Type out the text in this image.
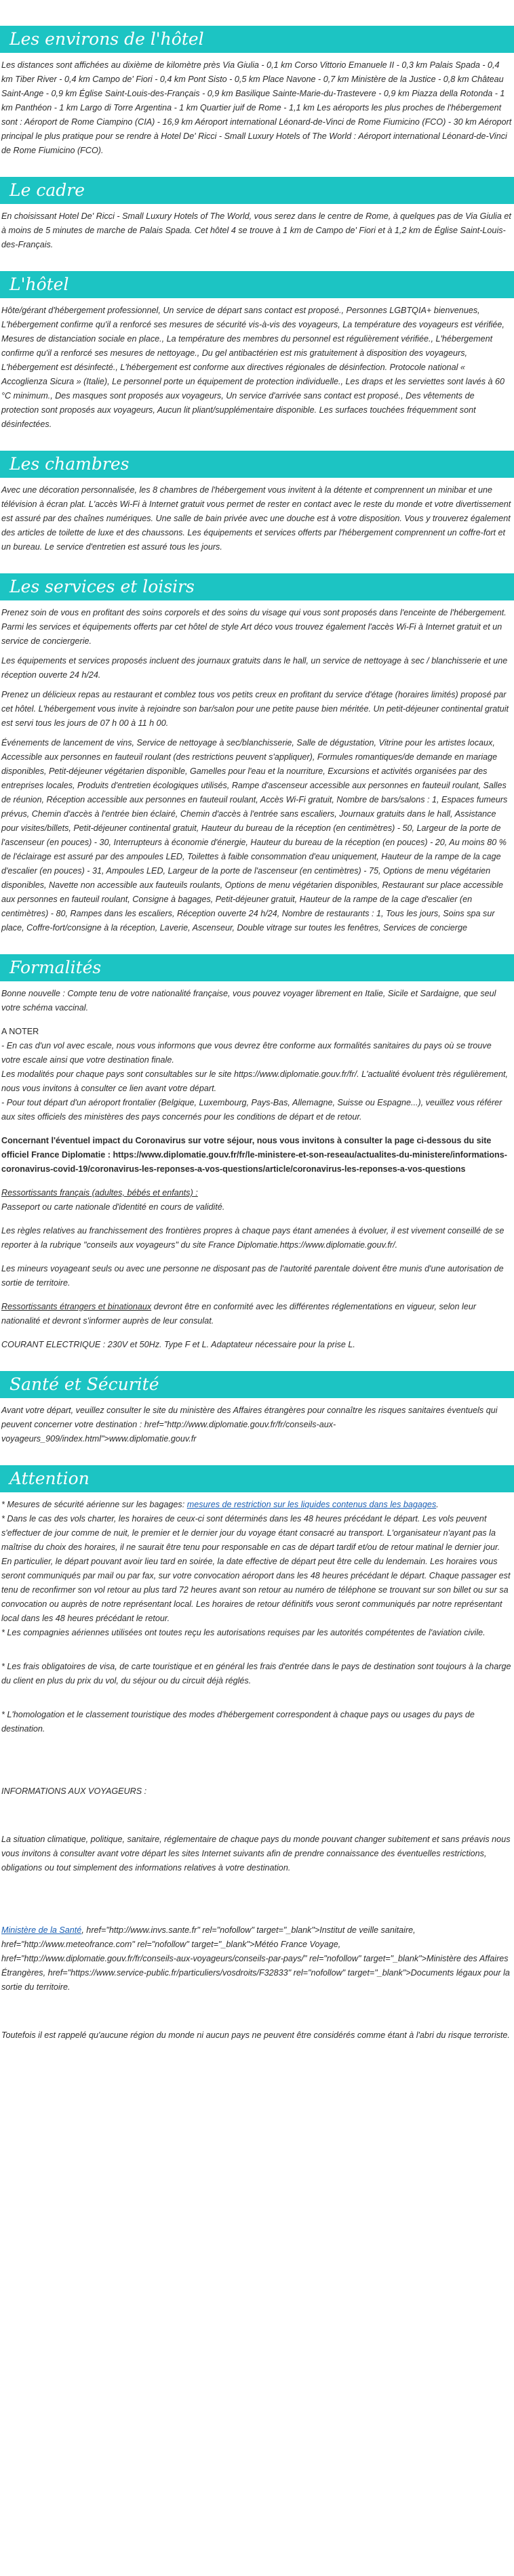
Les environs de l'hôtel
Les distances sont affichées au dixième de kilomètre près Via Giulia - 0,1 km Corso Vittorio Emanuele II - 0,3 km Palais Spada - 0,4 km Tiber River - 0,4 km Campo de' Fiori - 0,4 km Pont Sisto - 0,5 km Place Navone - 0,7 km Ministère de la Justice - 0,8 km Château Saint-Ange - 0,9 km Église Saint-Louis-des-Français - 0,9 km Basilique Sainte-Marie-du-Trastevere - 0,9 km Piazza della Rotonda - 1 km Panthéon - 1 km Largo di Torre Argentina - 1 km Quartier juif de Rome - 1,1 km Les aéroports les plus proches de l'hébergement sont : Aéroport de Rome Ciampino (CIA) - 16,9 km Aéroport international Léonard-de-Vinci de Rome Fiumicino (FCO) - 30 km Aéroport principal le plus pratique pour se rendre à Hotel De' Ricci - Small Luxury Hotels of The World : Aéroport international Léonard-de-Vinci de Rome Fiumicino (FCO).
Le cadre
En choisissant Hotel De' Ricci - Small Luxury Hotels of The World, vous serez dans le centre de Rome, à quelques pas de Via Giulia et à moins de 5 minutes de marche de Palais Spada. Cet hôtel 4 se trouve à 1 km de Campo de' Fiori et à 1,2 km de Église Saint-Louis-des-Français.
L'hôtel
Hôte/gérant d'hébergement professionnel, Un service de départ sans contact est proposé., Personnes LGBTQIA+ bienvenues, L'hébergement confirme qu'il a renforcé ses mesures de sécurité vis-à-vis des voyageurs, La température des voyageurs est vérifiée, Mesures de distanciation sociale en place., La température des membres du personnel est régulièrement vérifiée., L'hébergement confirme qu'il a renforcé ses mesures de nettoyage., Du gel antibactérien est mis gratuitement à disposition des voyageurs, L'hébergement est désinfecté., L'hébergement est conforme aux directives régionales de désinfection. Protocole national « Accoglienza Sicura » (Italie), Le personnel porte un équipement de protection individuelle., Les draps et les serviettes sont lavés à 60 °C minimum., Des masques sont proposés aux voyageurs, Un service d'arrivée sans contact est proposé., Des vêtements de protection sont proposés aux voyageurs, Aucun lit pliant/supplémentaire disponible. Les surfaces touchées fréquemment sont désinfectées.
Les chambres
Avec une décoration personnalisée, les 8 chambres de l'hébergement vous invitent à la détente et comprennent un minibar et une télévision à écran plat. L'accès Wi-Fi à Internet gratuit vous permet de rester en contact avec le reste du monde et votre divertissement est assuré par des chaînes numériques. Une salle de bain privée avec une douche est à votre disposition. Vous y trouverez également des articles de toilette de luxe et des chaussons. Les équipements et services offerts par l'hébergement comprennent un coffre-fort et un bureau. Le service d'entretien est assuré tous les jours.
Les services et loisirs
Prenez soin de vous en profitant des soins corporels et des soins du visage qui vous sont proposés dans l'enceinte de l'hébergement. Parmi les services et équipements offerts par cet hôtel de style Art déco vous trouvez également l'accès Wi-Fi à Internet gratuit et un service de conciergerie.
Les équipements et services proposés incluent des journaux gratuits dans le hall, un service de nettoyage à sec / blanchisserie et une réception ouverte 24 h/24.
Prenez un délicieux repas au restaurant et comblez tous vos petits creux en profitant du service d'étage (horaires limités) proposé par cet hôtel. L'hébergement vous invite à rejoindre son bar/salon pour une petite pause bien méritée. Un petit-déjeuner continental gratuit est servi tous les jours de 07 h 00 à 11 h 00.
Événements de lancement de vins, Service de nettoyage à sec/blanchisserie, Salle de dégustation, Vitrine pour les artistes locaux, Accessible aux personnes en fauteuil roulant (des restrictions peuvent s'appliquer), Formules romantiques/de demande en mariage disponibles, Petit-déjeuner végétarien disponible, Gamelles pour l'eau et la nourriture, Excursions et activités organisées par des entreprises locales, Produits d'entretien écologiques utilisés, Rampe d'ascenseur accessible aux personnes en fauteuil roulant, Salles de réunion, Réception accessible aux personnes en fauteuil roulant, Accès Wi-Fi gratuit, Nombre de bars/salons : 1, Espaces fumeurs prévus, Chemin d'accès à l'entrée bien éclairé, Chemin d'accès à l'entrée sans escaliers, Journaux gratuits dans le hall, Assistance pour visites/billets, Petit-déjeuner continental gratuit, Hauteur du bureau de la réception (en centimètres) - 50, Largeur de la porte de l'ascenseur (en pouces) - 30, Interrupteurs à économie d'énergie, Hauteur du bureau de la réception (en pouces) - 20, Au moins 80 % de l'éclairage est assuré par des ampoules LED, Toilettes à faible consommation d'eau uniquement, Hauteur de la rampe de la cage d'escalier (en pouces) - 31, Ampoules LED, Largeur de la porte de l'ascenseur (en centimètres) - 75, Options de menu végétarien disponibles, Navette non accessible aux fauteuils roulants, Options de menu végétarien disponibles, Restaurant sur place accessible aux personnes en fauteuil roulant, Consigne à bagages, Petit-déjeuner gratuit, Hauteur de la rampe de la cage d'escalier (en centimètres) - 80, Rampes dans les escaliers, Réception ouverte 24 h/24, Nombre de restaurants : 1, Tous les jours, Soins spa sur place, Coffre-fort/consigne à la réception, Laverie, Ascenseur, Double vitrage sur toutes les fenêtres, Services de concierge
Formalités
Bonne nouvelle : Compte tenu de votre nationalité française, vous pouvez voyager librement en Italie, Sicile et Sardaigne, que seul votre schéma vaccinal.
A NOTER
- En cas d'un vol avec escale, nous vous informons que vous devrez être conforme aux formalités sanitaires du pays où se trouve votre escale ainsi que votre destination finale.
Les modalités pour chaque pays sont consultables sur le site https://www.diplomatie.gouv.fr/fr/. L'actualité évoluent très régulièrement, nous vous invitons à consulter ce lien avant votre départ.
- Pour tout départ d'un aéroport frontalier (Belgique, Luxembourg, Pays-Bas, Allemagne, Suisse ou Espagne...), veuillez vous référer aux sites officiels des ministères des pays concernés pour les conditions de départ et de retour.
Concernant l'éventuel impact du Coronavirus sur votre séjour, nous vous invitons à consulter la page ci-dessous du site officiel France Diplomatie : https://www.diplomatie.gouv.fr/fr/le-ministere-et-son-reseau/actualites-du-ministere/informations-coronavirus-covid-19/coronavirus-les-reponses-a-vos-questions/article/coronavirus-les-reponses-a-vos-questions
Ressortissants français (adultes, bébés et enfants) :
Passeport ou carte nationale d'identité en cours de validité.
Les règles relatives au franchissement des frontières propres à chaque pays étant amenées à évoluer, il est vivement conseillé de se reporter à la rubrique "conseils aux voyageurs" du site France Diplomatie.https://www.diplomatie.gouv.fr/.
Les mineurs voyageant seuls ou avec une personne ne disposant pas de l'autorité parentale doivent être munis d'une autorisation de sortie de territoire.
Ressortissants étrangers et binationaux devront être en conformité avec les différentes réglementations en vigueur, selon leur nationalité et devront s'informer auprès de leur consulat.
COURANT ELECTRIQUE : 230V et 50Hz. Type F et L. Adaptateur nécessaire pour la prise L.
Santé et Sécurité
Avant votre départ, veuillez consulter le site du ministère des Affaires étrangères pour connaître les risques sanitaires éventuels qui peuvent concerner votre destination : href="http://www.diplomatie.gouv.fr/fr/conseils-aux-voyageurs_909/index.html">www.diplomatie.gouv.fr
Attention
* Mesures de sécurité aérienne sur les bagages: mesures de restriction sur les liquides contenus dans les bagages.
* Dans le cas des vols charter, les horaires de ceux-ci sont déterminés dans les 48 heures précédant le départ. Les vols peuvent s'effectuer de jour comme de nuit, le premier et le dernier jour du voyage étant consacré au transport. L'organisateur n'ayant pas la maîtrise du choix des horaires, il ne saurait être tenu pour responsable en cas de départ tardif et/ou de retour matinal le dernier jour. En particulier, le départ pouvant avoir lieu tard en soirée, la date effective de départ peut être celle du lendemain. Les horaires vous seront communiqués par mail ou par fax, sur votre convocation aéroport dans les 48 heures précédant le départ. Chaque passager est tenu de reconfirmer son vol retour au plus tard 72 heures avant son retour au numéro de téléphone se trouvant sur son billet ou sur sa convocation ou auprès de notre représentant local. Les horaires de retour définitifs vous seront communiqués par notre représentant local dans les 48 heures précédant le retour.
* Les compagnies aériennes utilisées ont toutes reçu les autorisations requises par les autorités compétentes de l'aviation civile.
* Les frais obligatoires de visa, de carte touristique et en général les frais d'entrée dans le pays de destination sont toujours à la charge du client en plus du prix du vol, du séjour ou du circuit déjà réglés.
* L'homologation et le classement touristique des modes d'hébergement correspondent à chaque pays ou usages du pays de destination.
INFORMATIONS AUX VOYAGEURS :
La situation climatique, politique, sanitaire, réglementaire de chaque pays du monde pouvant changer subitement et sans préavis nous vous invitons à consulter avant votre départ les sites Internet suivants afin de prendre connaissance des éventuelles restrictions, obligations ou tout simplement des informations relatives à votre destination.
Ministère de la Santé, href="http://www.invs.sante.fr" rel="nofollow" target="_blank">Institut de veille sanitaire, href="http://www.meteofrance.com" rel="nofollow" target="_blank">Météo France Voyage, href="http://www.diplomatie.gouv.fr/fr/conseils-aux-voyageurs/conseils-par-pays/" rel="nofollow" target="_blank">Ministère des Affaires Étrangères, href="https://www.service-public.fr/particuliers/vosdroits/F32833" rel="nofollow" target="_blank">Documents légaux pour la sortie du territoire.
Toutefois il est rappelé qu'aucune région du monde ni aucun pays ne peuvent être considérés comme étant à l'abri du risque terroriste.
